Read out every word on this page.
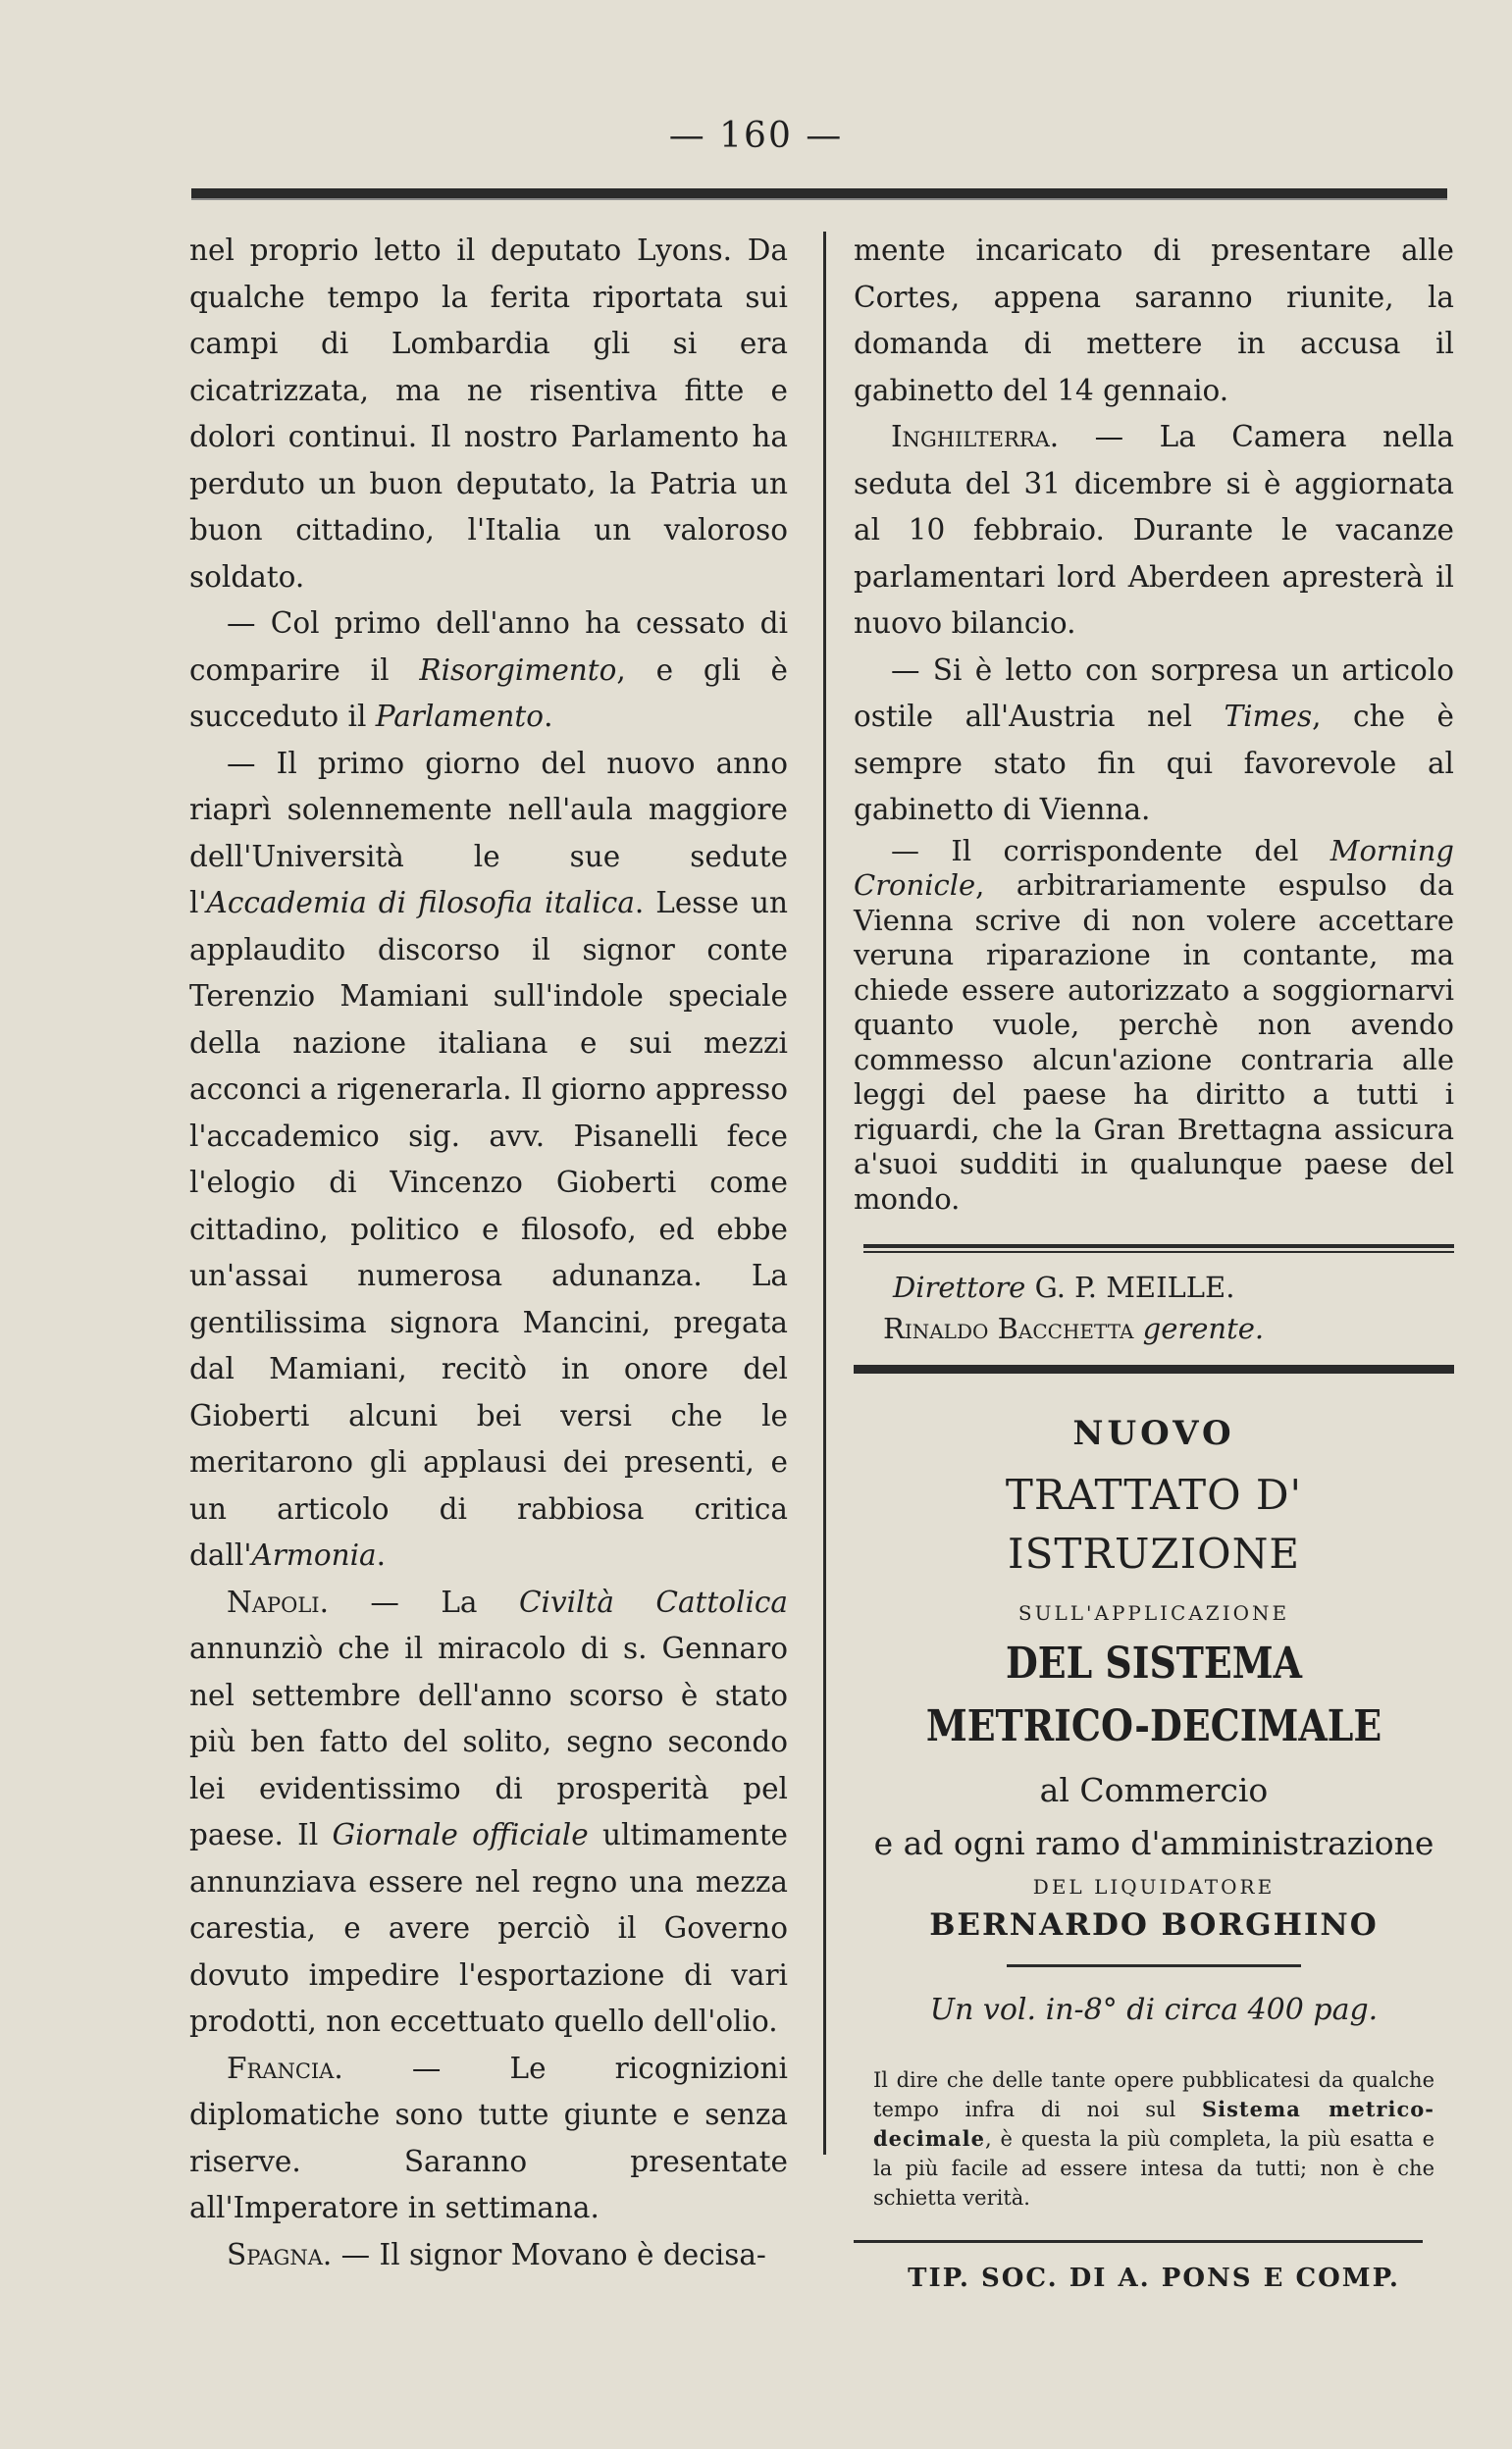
— 160 —

nel proprio letto il deputato Lyons. Da qualche tempo la ferita riportata sui campi di Lombardia gli si era cicatrizzata, ma ne risentiva fitte e dolori continui. Il nostro Parlamento ha perduto un buon deputato, la Patria un buon cittadino, l'Italia un valoroso soldato.

— Col primo dell'anno ha cessato di comparire il Risorgimento, e gli è succeduto il Parlamento.

— Il primo giorno del nuovo anno riaprì solennemente nell'aula maggiore dell'Università le sue sedute l'Accademia di filosofia italica. Lesse un applaudito discorso il signor conte Terenzio Mamiani sull'indole speciale della nazione italiana e sui mezzi acconci a rigenerarla. Il giorno appresso l'accademico sig. avv. Pisanelli fece l'elogio di Vincenzo Gioberti come cittadino, politico e filosofo, ed ebbe un'assai numerosa adunanza. La gentilissima signora Mancini, pregata dal Mamiani, recitò in onore del Gioberti alcuni bei versi che le meritarono gli applausi dei presenti, e un articolo di rabbiosa critica dall'Armonia.

Napoli. — La Civiltà Cattolica annunziò che il miracolo di s. Gennaro nel settembre dell'anno scorso è stato più ben fatto del solito, segno secondo lei evidentissimo di prosperità pel paese. Il Giornale officiale ultimamente annunziava essere nel regno una mezza carestia, e avere perciò il Governo dovuto impedire l'esportazione di vari prodotti, non eccettuato quello dell'olio.

Francia. — Le ricognizioni diplomatiche sono tutte giunte e senza riserve. Saranno presentate all'Imperatore in settimana.

Spagna. — Il signor Movano è decisa-

mente incaricato di presentare alle Cortes, appena saranno riunite, la domanda di mettere in accusa il gabinetto del 14 gennaio.

Inghilterra. — La Camera nella seduta del 31 dicembre si è aggiornata al 10 febbraio. Durante le vacanze parlamentari lord Aberdeen apresterà il nuovo bilancio.

— Si è letto con sorpresa un articolo ostile all'Austria nel Times, che è sempre stato fin qui favorevole al gabinetto di Vienna.

— Il corrispondente del Morning Cronicle, arbitrariamente espulso da Vienna scrive di non volere accettare veruna riparazione in contante, ma chiede essere autorizzato a soggiornarvi quanto vuole, perchè non avendo commesso alcun'azione contraria alle leggi del paese ha diritto a tutti i riguardi, che la Gran Brettagna assicura a'suoi sudditi in qualunque paese del mondo.

Direttore G. P. MEILLE.
Rinaldo Bacchetta gerente.
NUOVO
TRATTATO D' ISTRUZIONE
SULL'APPLICAZIONE
DEL SISTEMA METRICO-DECIMALE
al Commercio
e ad ogni ramo d'amministrazione
DEL LIQUIDATORE
BERNARDO BORGHINO
Un vol. in-8° di circa 400 pag.
Il dire che delle tante opere pubblicatesi da qualche tempo infra di noi sul Sistema metrico-decimale, è questa la più completa, la più esatta e la più facile ad essere intesa da tutti; non è che schietta verità.
TIP. SOC. DI A. PONS E COMP.
